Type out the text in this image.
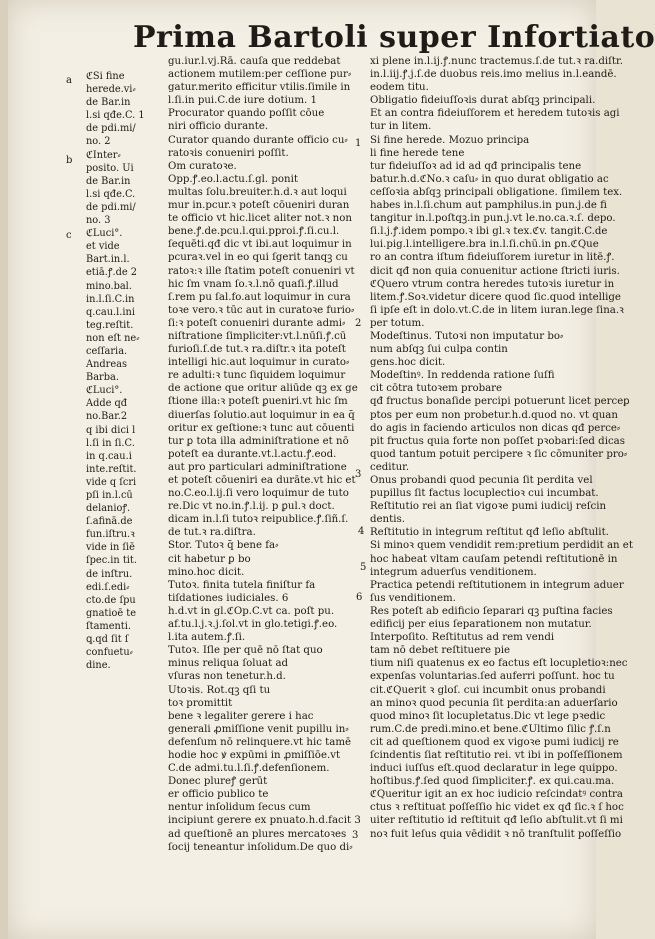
Prima Bartoli super Infortiato
a
b
c
ℭSi fine
herede.vi⸗
de Bar.in
l.si qđe.C. 1
de pdi.mi/
no. 2
ℭInter⸗
posito. Ui
de Bar.in
l.si qđe.C.
de pdi.mi/
no. 3
ℭLuci°.
et vide
Bart.in.l.
etiā.ꝭ.de 2
mino.bal.
in.l.ſi.C.in
q.cau.l.ini
teg.reſtit.
non eſt ne⸗
ceſſaria.
Andreas
Barba.
ℭLuci°.
Adde qđ
no.Bar.2
q ibi dici l
l.ſi in ſi.C.
in q.cau.i
inte.reſtit.
vide q ſcri
pſi in.l.cū
delanioꝭ.
ſ.afinā.de
fun.iſtru.ꝛ
vide in ſiē
ſpec.in tit.
de inſtru.
edi.ſ.edi⸗
cto.de ſpu
gnatioē te
ſtamenti.
ꝗ.qd ſit ſ
confuetu⸗
dine.
gu.iur.l.vj.Rā. cauſa que reddebat
actionem mutilem:per ceſſione pur⸗
gatur.merito efficitur vtilis.ſimile in
l.ſi.in pui.C.de iure dotium. 1
Procurator quando poſſit cōue
niri officio durante.
Curator quando durante officio cu⸗
ratoꝛis conueniri poſſit.
Om curatoꝛe.
Opp.ꝭ.eo.l.actu.ſ.gl. ponit
multas ſolu.breuiter.h.d.ꝛ aut loqui
mur in.pcur.ꝛ poteſt cōueniri duran
te officio vt hic.licet aliter not.ꝛ non
bene.ꝭ.de.pcu.l.qui.pproi.ꝭ.ſi.cu.l.
ſequēti.qđ dic vt ibi.aut loquimur in
pcuraꝛ.vel in eo qui ſgerit tanqꝫ cu
ratoꝛ:ꝛ ille ſtatim poteſt conueniri vt
hic ſm vnam ſo.ꝛ.l.nō quaſi.ꝭ.illud
ſ.rem pu ſal.fo.aut loquimur in cura
toꝛe vero.ꝛ tūc aut in curatoꝛe furio⸗
ſi:ꝛ poteſt conueniri durante admi⸗
niſtratione ſimpliciter:vt.l.nūſi.ꝭ.cū
furioſi.ſ.de tut.ꝛ ra.diſtr.ꝛ ita poteſt
intelligi hic.aut loquimur in curato⸗
re adulti:ꝛ tunc ſiquidem loquimur
de actione que oritur aliūde qꝫ ex ge
ſtione illa:ꝛ poteſt ꝑueniri.vt hic ſm
diuerſas ſolutio.aut loquimur in ea q̄
oritur ex geſtione:ꝛ tunc aut cōuenti
tur ꝑ tota illa adminiſtratione et nō
poteſt ea durante.vt.l.actu.ꝭ.eod.
aut pro particulari adminiſtratione
et poteſt cōueniri ea durāte.vt hic et
no.C.eo.l.ij.ſi vero loquimur de tuto
re.Dic vt no.in.ꝭ.l.ij. p ꝑul.ꝛ doct.
dicam in.l.ſi tutoꝛ reipublice.ꝭ.ſiñ.ſ.
de tut.ꝛ ra.diſtra.
Stor. Tutoꝛ q̄ bene fa⸗
cit habetur ꝑ bo
mino.hoc dicit.
Tutoꝛ. finita tutela finiſtur fa
tiſdationes iudiciales. 6
h.d.vt in gl.ℭOp.C.vt ca. poſt pu.
af.tu.l.j.ꝛ.j.ſol.vt in glo.tetigi.ꝭ.eo.
l.ita autem.ꝭ.ſi.
Tutoꝛ. Iſle per quē nō ſtat quo
minus reliqua ſoluat ad
vſuras non tenetur.h.d.
Utoꝛis. Rot.qꝫ qſi tu
toꝛ promittit
bene ꝛ legaliter gerere i hac
generali ꝓmiſſione venit pupillu in⸗
defenſum nō relinquere.vt hic tamē
hodie hoc ꝟ expūmi in ꝓmiſſiōe.vt
C.de admi.tu.l.ſi.ꝭ.defenſionem.
Donec plureꝭ gerūt
er officio publico te
nentur inſolidum ſecus cum
incipiunt gerere ex pnuato.h.d.facit 3
ad queſtionē an plures mercatoꝛes
ſocij teneantur inſolidum.De quo di⸗
xi plene in.l.ij.ꝭ.nunc tractemus.ſ.de tut.ꝛ ra.diſtr.
in.l.iij.ꝭ.j.ſ.de duobus reis.imo melius in.l.eandē.
eodem titu.
Obligatio fideiuſſoꝛis durat abſqꝫ principali.
Et an contra fideiuſſorem et heredem tutoꝛis agi
tur in litem.
Si fine herede. Mozuo principa
li fine herede tene
tur fideiuſſoꝛ ad id ad qđ principalis tene
batur.h.d.ℭNo.ꝛ caſu⸗ in quo durat obligatio ac
ceſſoꝛia abſqꝫ principali obligatione. ſimilem tex.
habes in.l.ſi.chum aut pamphilus.in pun.j.de fi
tangitur in.l.poſtqꝫ.in pun.j.vt le.no.ca.ꝛ.ſ. depo.
ſi.l.j.ꝭ.idem pompo.ꝛ ibi gl.ꝛ tex.ℭv. tangit.C.de
lui.pig.l.intelligere.bra in.l.ſi.chū.in ꝑn.ℭQue
ro an contra iſtum fideiuſſorem iuretur in litē.ꝭ.
dicit qđ non quia conuenitur actione ſtricti iuris.
ℭQuero vtrum contra heredes tutoꝛis iuretur in
litem.ꝭ.Soꝛ.videtur dicere quod ſic.quod intellige
ſi ipſe eſt in dolo.vt.C.de in litem iuran.lege ſina.ꝛ
per totum.
Modeſtinus. Tutoꝛi non imputatur bo⸗
num abſqꝫ ſui culpa contin
gens.hoc dicit.
Modeſtinꝰ. In reddenda ratione ſuſfi
cit cōtra tutoꝛem probare
qđ fructus bonaſide percipi potuerunt licet perceꝑ
ptos per eum non probetur.h.d.quod no. vt quan
do agis in faciendo articulos non dicas qđ perce⸗
pit fructus quia forte non poſſet pꝛobari:ſed dicas
quod tantum potuit percipere ꝛ ſic cōmuniter pro⸗
ceditur.
Onus probandi quod pecunia ſit perdita vel
pupillus ſit factus locuplectioꝛ cui incumbat.
Reſtitutio rei an ſiat vigoꝛe pumi iudicij reſcin
dentis.
Reſtitutio in integrum reſtitut qđ leſio abſtulit.
Si minoꝛ quem vendidit rem:pretium perdidit an et
hoc habeat vltam cauſam petendi reſtitutionē in
integrum aduerſus venditionem.
Practica petendi reſtitutionem in integrum aduer
ſus venditionem.
Res poteſt ab edificio ſeparari qꝫ puſtina facies
edificij per eius ſeparationem non mutatur.
Interpoſito. Reſtitutus ad rem vendi
tam nō debet reſtituere pie
tium niſi quatenus ex eo factus eſt locupletioꝛ:nec
expenſas voluntarias.ſed auferri poſſunt. hoc tu
cit.ℭQuerit ꝛ gloſ. cui incumbit onus probandi
an minoꝛ quod pecunia ſit perdita:an aduerſario
quod minoꝛ ſit locupletatus.Dic vt lege pꝛedic
rum.C.de predi.mino.et bene.ℭUltimo ſilic ꝭ.ſ.n
cit ad queſtionem quod ex vigoꝛe pumi iudicij re
ſcindentis ſiat reſtitutio rei. vt ibi in poſſeſſionem
induci iuſſus eſt.quod declaratur in lege quippo.
hoſtibus.ꝭ.ſed quod ſimpliciter.ꝭ. ex qui.cau.ma.
ℭQueritur igit an ex hoc iudicio reſcindatꝰ contra
ctus ꝛ reſtituat poſſeſſio hic videt ex qđ ſic.ꝛ ſ hoc
uiter reſtitutio id reſtituit qđ leſio abſtulit.vt ſi mi
noꝛ fuit leſus quia vēdidit ꝛ nō tranſtulit poſſeſſio
1
2
3
4
5
6
3
